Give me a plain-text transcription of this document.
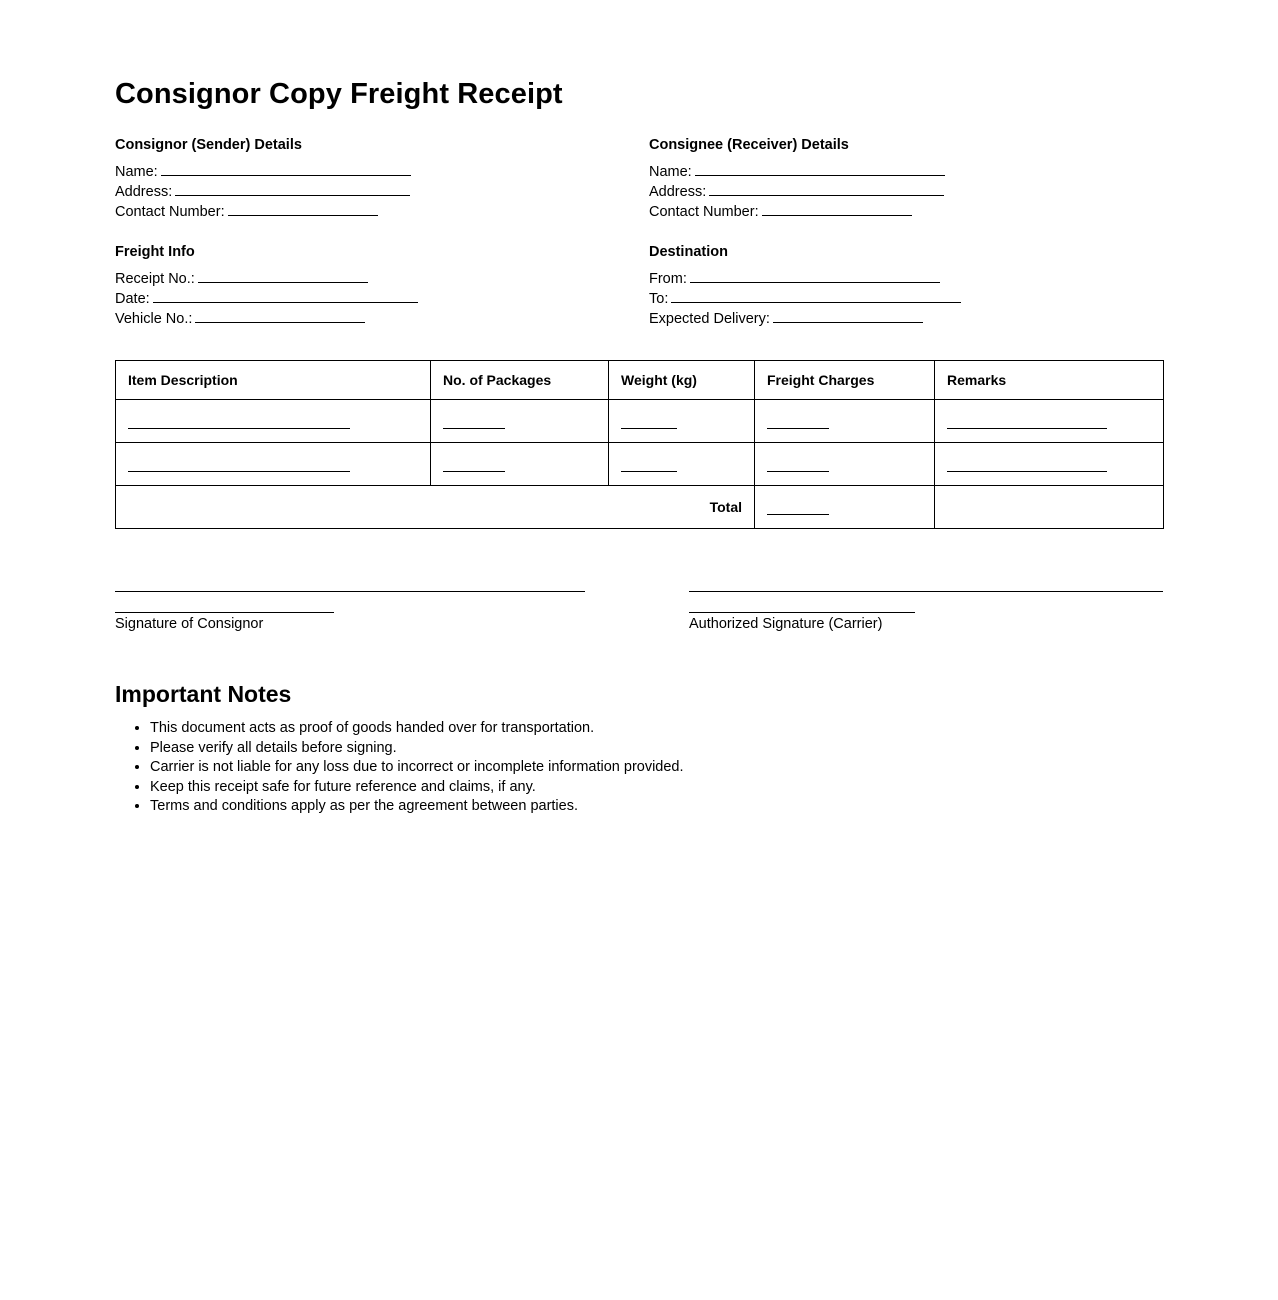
Consignor Copy Freight Receipt
Consignor (Sender) Details
Name:
Address:
Contact Number:
Freight Info
Receipt No.:
Date:
Vehicle No.:
Consignee (Receiver) Details
Name:
Address:
Contact Number:
Destination
From:
To:
Expected Delivery:
Item Description	No. of Packages	Weight (kg)	Freight Charges	Remarks

Total				
Signature of Consignor	Authorized Signature (Carrier)
Important Notes
• This document acts as proof of goods handed over for transportation.
• Please verify all details before signing.
• Carrier is not liable for any loss due to incorrect or incomplete information provided.
• Keep this receipt safe for future reference and claims, if any.
• Terms and conditions apply as per the agreement between parties.
